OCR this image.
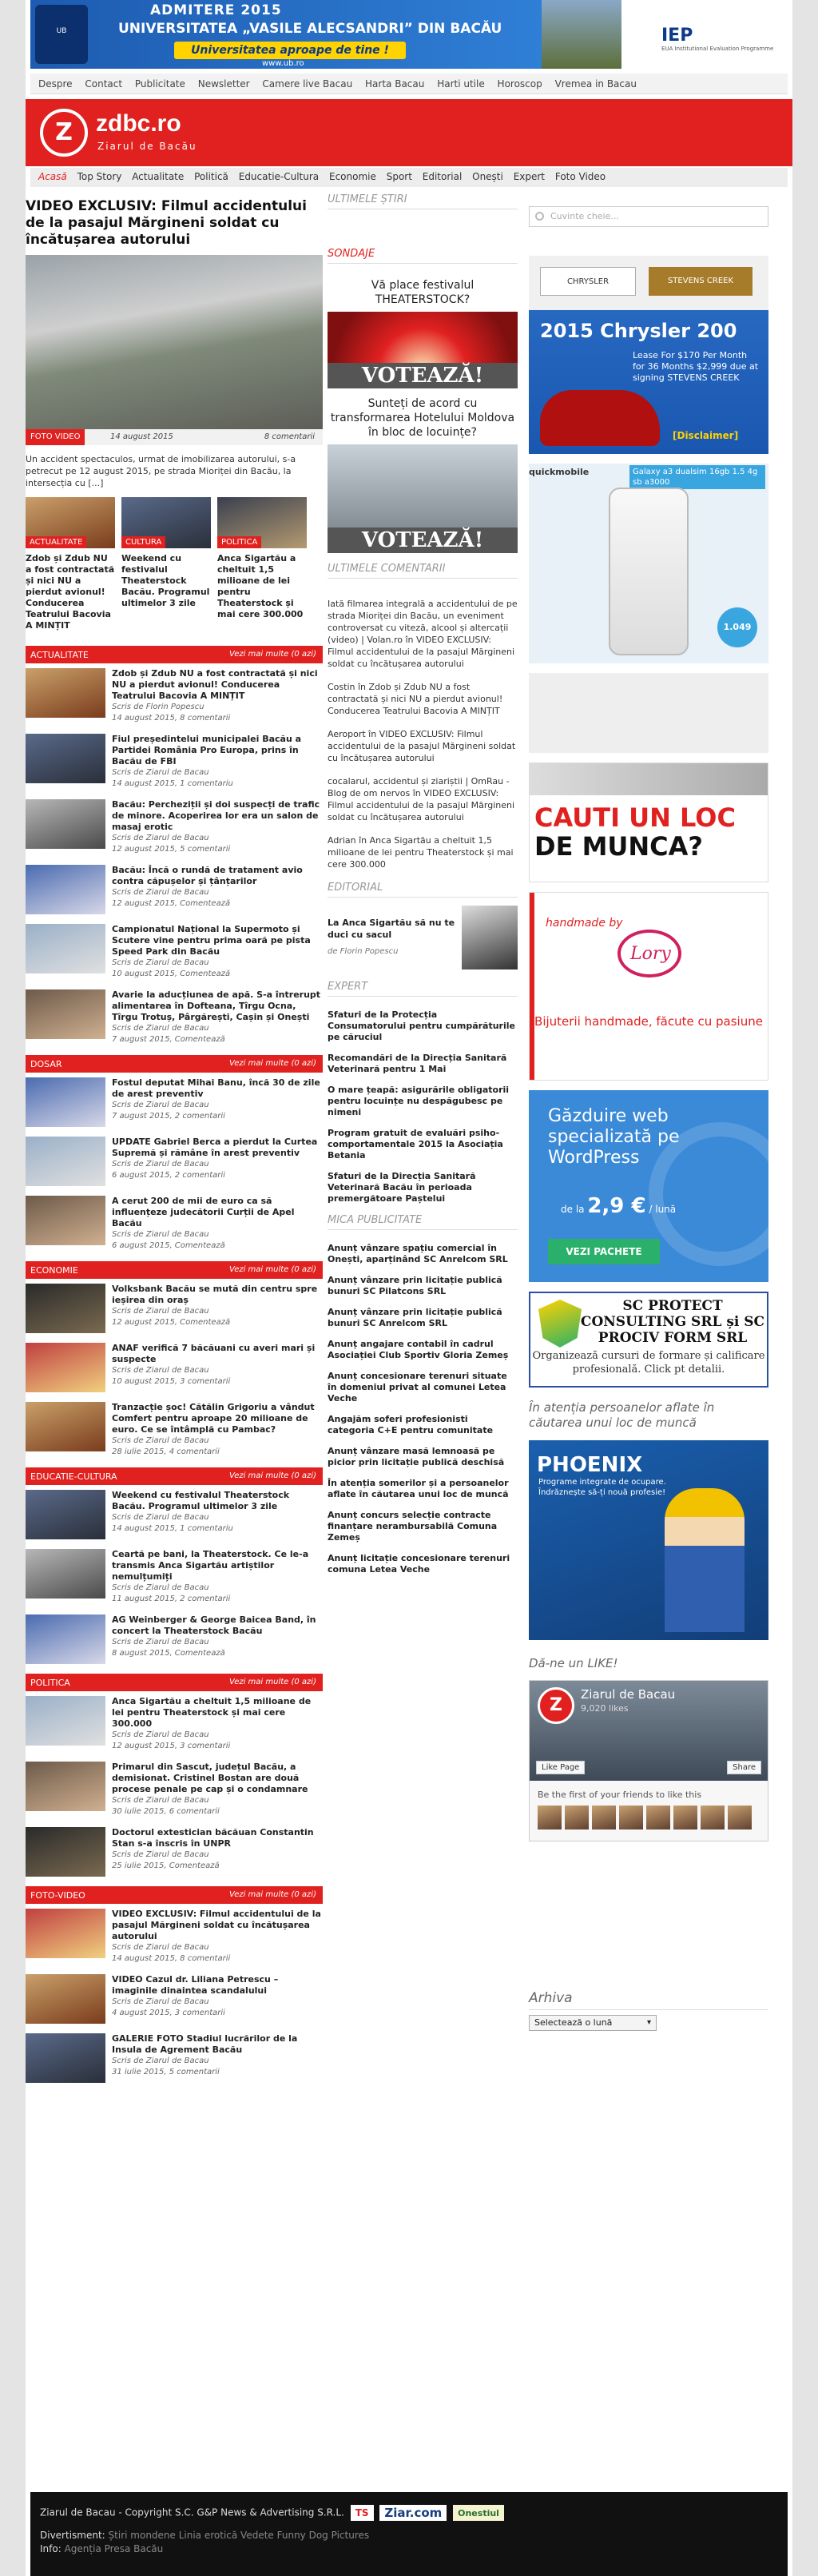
UB
ADMITERE 2015
UNIVERSITATEA „VASILE ALECSANDRI” DIN BACĂU
Universitatea aproape de tine !
www.ub.ro
IEP
EUA Institutional Evaluation Programme
Despre Contact Publicitate Newsletter Camere live Bacau Harta Bacau Harti utile Horoscop Vremea in Bacau
Z zdbc.ro
Ziarul de Bacău
Acasă Top Story Actualitate Politică Educatie-Cultura Economie Sport Editorial Onești Expert Foto Video
VIDEO EXCLUSIV: Filmul accidentului de la pasajul Mărgineni soldat cu încătușarea autorului
FOTO VIDEO	14 august 2015	8 comentarii
Un accident spectaculos, urmat de imobilizarea autorului, s-a petrecut pe 12 august 2015, pe strada Mioriței din Bacău, la intersecția cu [...]
ACTUALITATE
Zdob și Zdub NU a fost contractată și nici NU a pierdut avionul! Conducerea Teatrului Bacovia A MINȚIT
CULTURA
Weekend cu festivalul Theaterstock Bacău. Programul ultimelor 3 zile
POLITICA
Anca Sigartău a cheltuit 1,5 milioane de lei pentru Theaterstock și mai cere 300.000
ACTUALITATE	Vezi mai multe (0 azi)
Zdob și Zdub NU a fost contractată și nici NU a pierdut avionul! Conducerea Teatrului Bacovia A MINȚIT
Scris de Florin Popescu
14 august 2015, 8 comentarii
Fiul președintelui municipalei Bacău a Partidei România Pro Europa, prins în Bacău de FBI
Scris de Ziarul de Bacau
14 august 2015, 1 comentariu
Bacău: Percheziții și doi suspecți de trafic de minore. Acoperirea lor era un salon de masaj erotic
Scris de Ziarul de Bacau
12 august 2015, 5 comentarii
Bacău: Încă o rundă de tratament avio contra căpușelor și țânțarilor
Scris de Ziarul de Bacau
12 august 2015, Comentează
Campionatul Național la Supermoto și Scutere vine pentru prima oară pe pista Speed Park din Bacău
Scris de Ziarul de Bacau
10 august 2015, Comentează
Avarie la aducțiunea de apă. S-a întrerupt alimentarea în Dofteana, Tîrgu Ocna, Tîrgu Trotuș, Pârgărești, Cașin și Onești
Scris de Ziarul de Bacau
7 august 2015, Comentează
DOSAR	Vezi mai multe (0 azi)
Fostul deputat Mihai Banu, încă 30 de zile de arest preventiv
Scris de Ziarul de Bacau
7 august 2015, 2 comentarii
UPDATE Gabriel Berca a pierdut la Curtea Supremă și rămâne în arest preventiv
Scris de Ziarul de Bacau
6 august 2015, 2 comentarii
A cerut 200 de mii de euro ca să influențeze judecătorii Curții de Apel Bacău
Scris de Ziarul de Bacau
6 august 2015, Comentează
ECONOMIE	Vezi mai multe (0 azi)
Volksbank Bacău se mută din centru spre ieșirea din oraș
Scris de Ziarul de Bacau
12 august 2015, Comentează
ANAF verifică 7 băcăuani cu averi mari și suspecte
Scris de Ziarul de Bacau
10 august 2015, 3 comentarii
Tranzacție șoc! Cătălin Grigoriu a vândut Comfert pentru aproape 20 milioane de euro. Ce se întâmplă cu Pambac?
Scris de Ziarul de Bacau
28 iulie 2015, 4 comentarii
EDUCATIE-CULTURA	Vezi mai multe (0 azi)
Weekend cu festivalul Theaterstock Bacău. Programul ultimelor 3 zile
Scris de Ziarul de Bacau
14 august 2015, 1 comentariu
Ceartă pe bani, la Theaterstock. Ce le-a transmis Anca Sigartău artiștilor nemulțumiți
Scris de Ziarul de Bacau
11 august 2015, 2 comentarii
AG Weinberger & George Baicea Band, în concert la Theaterstock Bacău
Scris de Ziarul de Bacau
8 august 2015, Comentează
POLITICA	Vezi mai multe (0 azi)
Anca Sigartău a cheltuit 1,5 milioane de lei pentru Theaterstock și mai cere 300.000
Scris de Ziarul de Bacau
12 august 2015, 3 comentarii
Primarul din Sascut, județul Bacău, a demisionat. Cristinel Bostan are două procese penale pe cap și o condamnare
Scris de Ziarul de Bacau
30 iulie 2015, 6 comentarii
Doctorul extestician băcăuan Constantin Stan s-a înscris în UNPR
Scris de Ziarul de Bacau
25 iulie 2015, Comentează
FOTO-VIDEO	Vezi mai multe (0 azi)
VIDEO EXCLUSIV: Filmul accidentului de la pasajul Mărgineni soldat cu încătușarea autorului
Scris de Ziarul de Bacau
14 august 2015, 8 comentarii
VIDEO Cazul dr. Liliana Petrescu – imaginile dinaintea scandalului
Scris de Ziarul de Bacau
4 august 2015, 3 comentarii
GALERIE FOTO Stadiul lucrărilor de la Insula de Agrement Bacău
Scris de Ziarul de Bacau
31 iulie 2015, 5 comentarii
ULTIMELE ȘTIRI
SONDAJE
Vă place festivalul THEATERSTOCK?
VOTEAZĂ!
Sunteți de acord cu transformarea Hotelului Moldova în bloc de locuințe?
VOTEAZĂ!
ULTIMELE COMENTARII
Iată filmarea integrală a accidentului de pe strada Mioriței din Bacău, un eveniment controversat cu viteză, alcool și altercații (video) | Volan.ro în VIDEO EXCLUSIV: Filmul accidentului de la pasajul Mărgineni soldat cu încătușarea autorului
Costin în Zdob și Zdub NU a fost contractată și nici NU a pierdut avionul! Conducerea Teatrului Bacovia A MINȚIT
Aeroport în VIDEO EXCLUSIV: Filmul accidentului de la pasajul Mărgineni soldat cu încătușarea autorului
cocalarul, accidentul și ziariștii | OmRau - Blog de om nervos în VIDEO EXCLUSIV: Filmul accidentului de la pasajul Mărgineni soldat cu încătușarea autorului
Adrian în Anca Sigartău a cheltuit 1,5 milioane de lei pentru Theaterstock și mai cere 300.000
EDITORIAL
La Anca Sigartău să nu te duci cu sacul
de Florin Popescu
EXPERT
Sfaturi de la Protecția Consumatorului pentru cumpărăturile pe căruciul
Recomandări de la Direcția Sanitară Veterinară pentru 1 Mai
O mare țeapă: asigurările obligatorii pentru locuințe nu despăgubesc pe nimeni
Program gratuit de evaluări psiho-comportamentale 2015 la Asociația Betania
Sfaturi de la Direcția Sanitară Veterinară Bacău în perioada premergătoare Paștelui
MICA PUBLICITATE
Anunț vânzare spațiu comercial în Onești, aparținând SC Anrelcom SRL
Anunț vânzare prin licitație publică bunuri SC Pilatcons SRL
Anunț vânzare prin licitație publică bunuri SC Anrelcom SRL
Anunț angajare contabil în cadrul Asociației Club Sportiv Gloria Zemeș
Anunț concesionare terenuri situate în domeniul privat al comunei Letea Veche
Angajăm soferi profesionisti categoria C+E pentru comunitate
Anunț vânzare masă lemnoasă pe picior prin licitație publică deschisă
În atenția somerilor și a persoanelor aflate în căutarea unui loc de muncă
Anunț concurs selecție contracte finanțare nerambursabilă Comuna Zemeș
Anunț licitație concesionare terenuri comuna Letea Veche
Cuvinte cheie...
CHRYSLER	STEVENS CREEK
2015 Chrysler 200
Lease For $170 Per Month for 36 Months $2,999 due at signing STEVENS CREEK
[Disclaimer]
quickmobile	Galaxy a3 dualsim 16gb 1.5 4g sb a3000
1.049 Lei
CAUTI UN LOC
DE MUNCA?
handmade by
Lory
Bijuterii handmade, făcute cu pasiune
Găzduire web specializată pe WordPress
de la 2,9 € / lună
VEZI PACHETE
SC PROTECT CONSULTING SRL și SC PROCIV FORM SRL
Organizează cursuri de formare și calificare profesională. Click pt detalii.
În atenția persoanelor aflate în căutarea unui loc de muncă
PHOENIX
Programe integrate de ocupare. Îndrăznește să-ți nouă profesie!
Dă-ne un LIKE!
Z
Ziarul de Bacau
9,020 likes
Like Page	Share
Be the first of your friends to like this
Arhiva
Selectează o lună	▾
Ziarul de Bacau - Copyright S.C. G&P News & Advertising S.R.L. TS Ziar.com Onestiul
Divertisment: Știri mondene Linia erotică Vedete Funny Dog Pictures
Info: Agenția Presa Bacău
